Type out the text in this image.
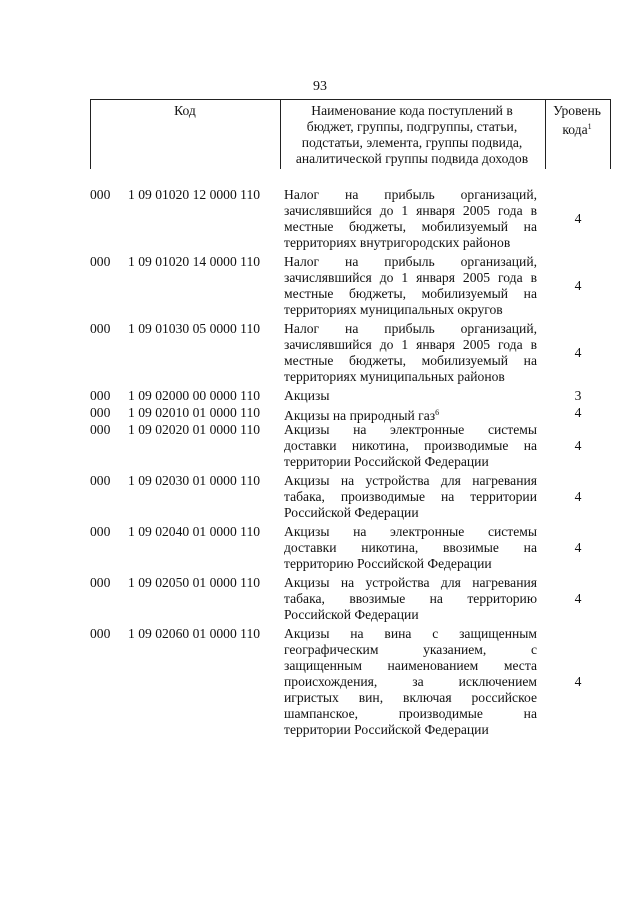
93
Код	Наименование кода поступлений в
бюджет, группы, подгруппы, статьи,
подстатьи, элемента, группы подвида,
аналитической группы подвида доходов
Уровень
кода$^1$
000	1 09 01020 12 0000 110	Налог на прибыль организаций,
зачислявшийся до 1 января 2005 года в
местные бюджеты, мобилизуемый на
территориях внутригородских районов
4
000	1 09 01020 14 0000 110	Налог на прибыль организаций,
зачислявшийся до 1 января 2005 года в
местные бюджеты, мобилизуемый на
территориях муниципальных округов
4
000	1 09 01030 05 0000 110	Налог на прибыль организаций,
зачислявшийся до 1 января 2005 года в
местные бюджеты, мобилизуемый на
территориях муниципальных районов
4
000	1 09 02000 00 0000 110	Акцизы	3
000	1 09 02010 01 0000 110	Акцизы на природный газ$^6$	4
000	1 09 02020 01 0000 110	Акцизы на электронные системы
доставки никотина, производимые на
территории Российской Федерации
4
000	1 09 02030 01 0000 110	Акцизы на устройства для нагревания
табака, производимые на территории
Российской Федерации
4
000	1 09 02040 01 0000 110	Акцизы на электронные системы
доставки никотина, ввозимые на
территорию Российской Федерации
4
000	1 09 02050 01 0000 110	Акцизы на устройства для нагревания
табака, ввозимые на территорию
Российской Федерации
4
000	1 09 02060 01 0000 110	Акцизы на вина с защищенным
географическим указанием, с
защищенным наименованием места
происхождения, за исключением
игристых вин, включая российское
шампанское, производимые на
территории Российской Федерации
4
